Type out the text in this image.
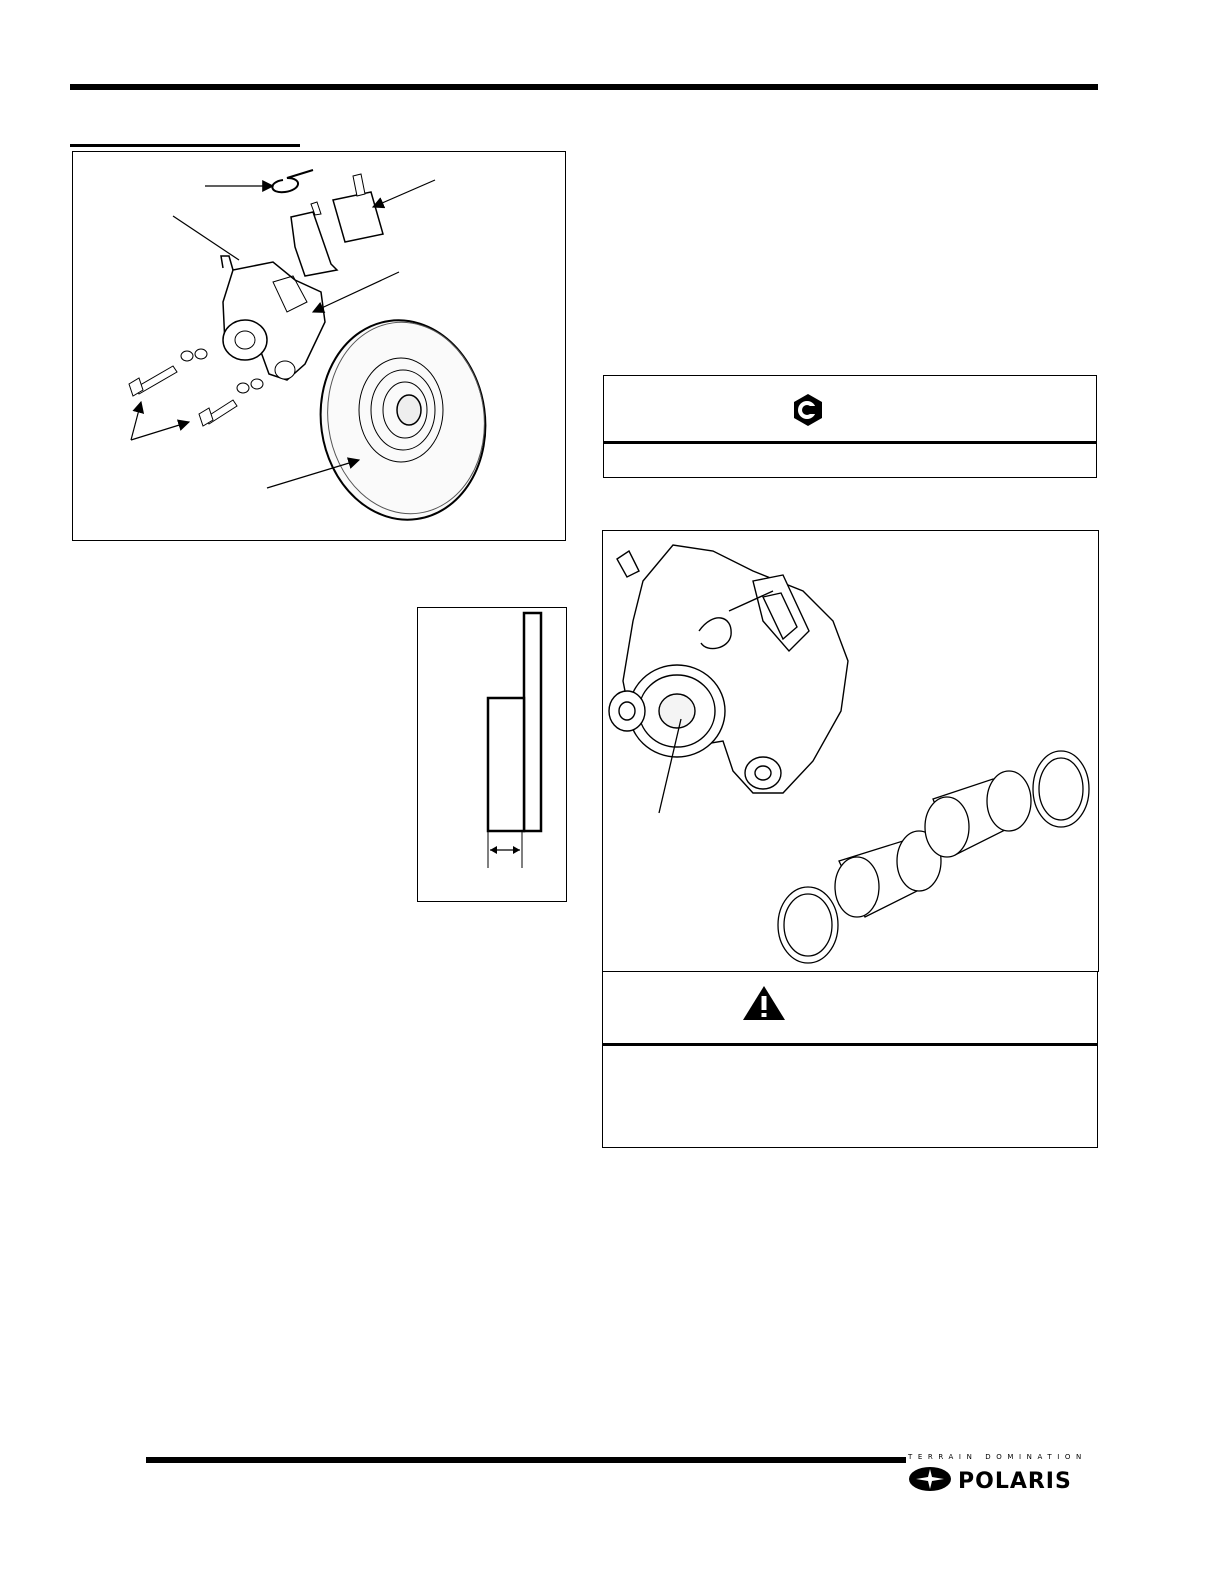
TERRAIN DOMINATION
POLARIS
